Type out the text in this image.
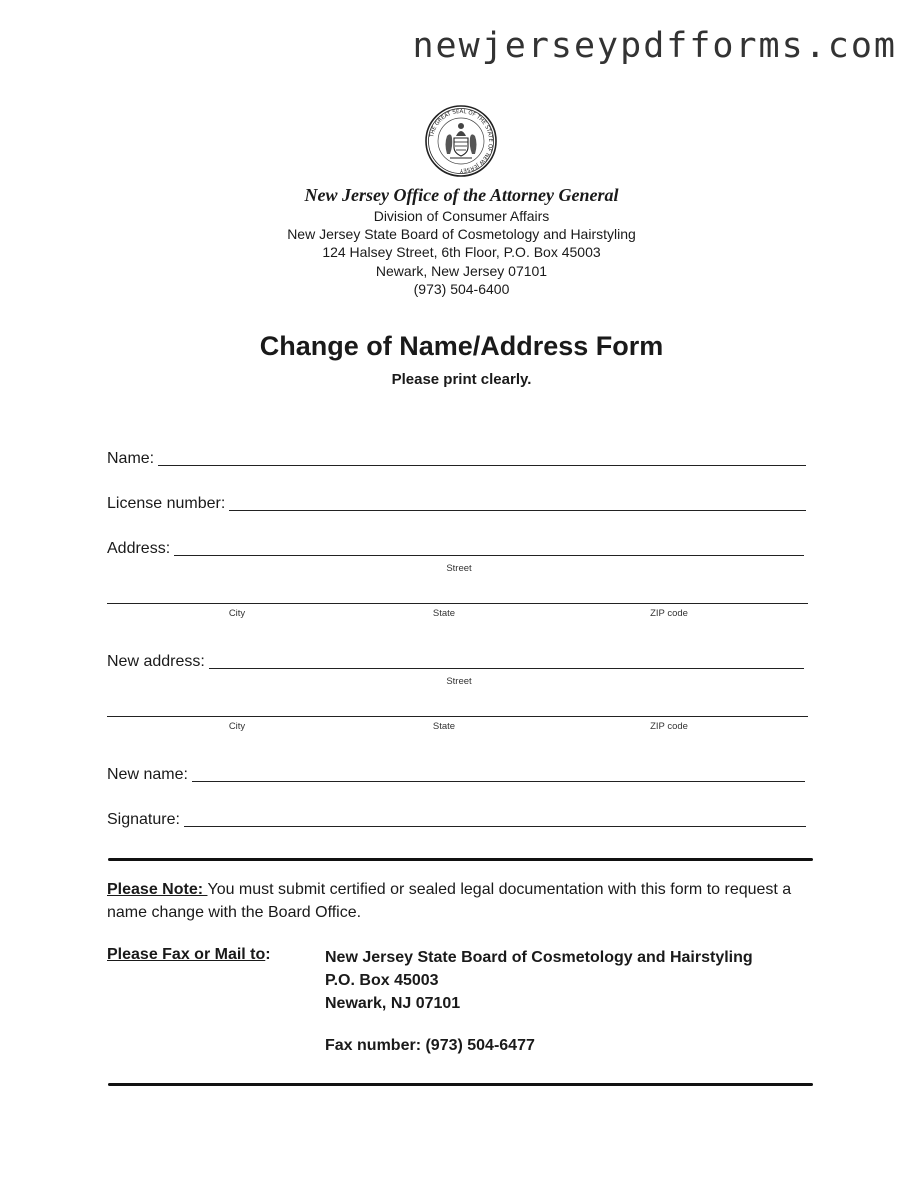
newjerseypdfforms.com
THE GREAT SEAL OF THE STATE OF NEW JERSEY
New Jersey Office of the Attorney General
Division of Consumer Affairs
New Jersey State Board of Cosmetology and Hairstyling
124 Halsey Street, 6th Floor, P.O. Box 45003
Newark, New Jersey 07101
(973) 504-6400
Change of Name/Address Form
Please print clearly.
Name:
License number:
Address:
Street
City	State	ZIP code
New address:
Street
City	State	ZIP code
New name:
Signature:
Please Note: You must submit certified or sealed legal documentation with this form to request a name change with the Board Office.
Please Fax or Mail to:	New Jersey State Board of Cosmetology and Hairstyling
P.O. Box 45003
Newark, NJ 07101
Fax number: (973) 504-6477
